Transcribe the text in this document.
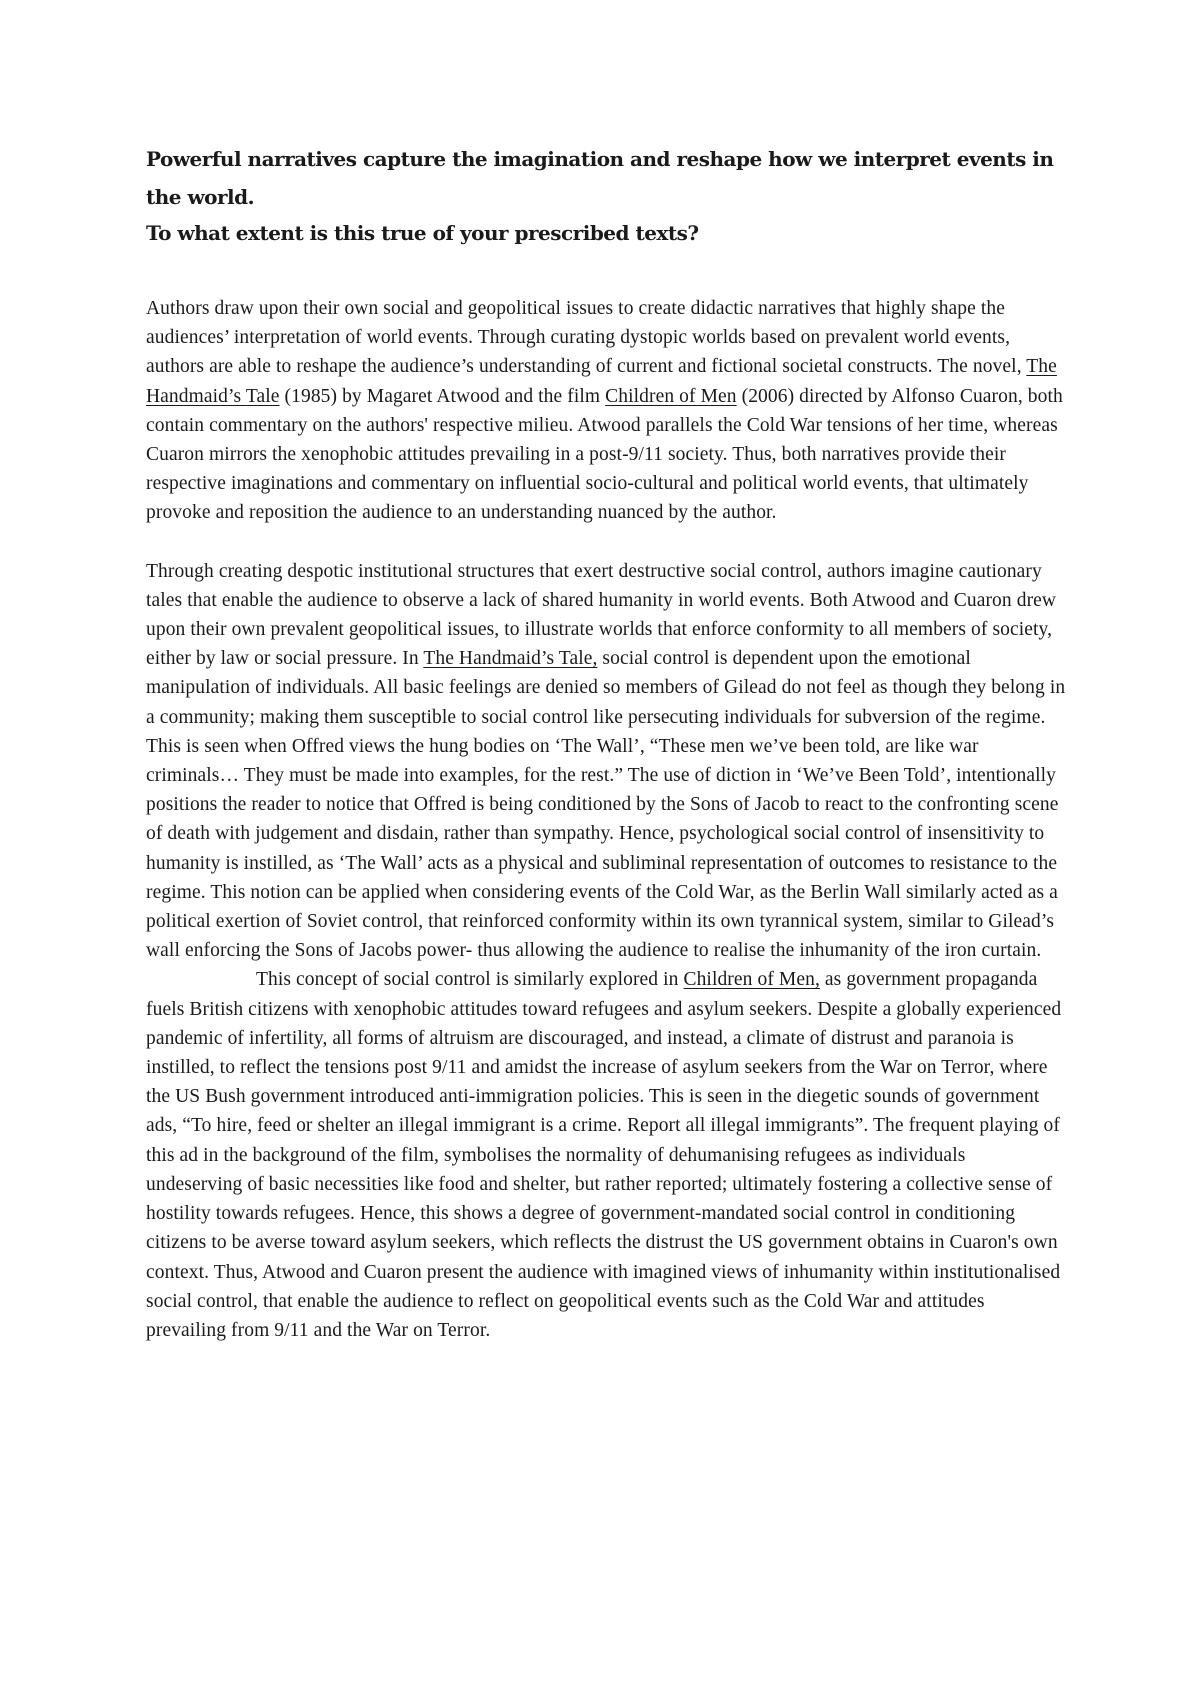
Powerful narratives capture the imagination and reshape how we interpret events in the world.

To what extent is this true of your prescribed texts?

Authors draw upon their own social and geopolitical issues to create didactic narratives that highly shape the audiences’ interpretation of world events. Through curating dystopic worlds based on prevalent world events, authors are able to reshape the audience’s understanding of current and fictional societal constructs. The novel, The Handmaid’s Tale (1985) by Magaret Atwood and the film Children of Men (2006) directed by Alfonso Cuaron, both contain commentary on the authors' respective milieu. Atwood parallels the Cold War tensions of her time, whereas Cuaron mirrors the xenophobic attitudes prevailing in a post-9/11 society. Thus, both narratives provide their respective imaginations and commentary on influential socio-cultural and political world events, that ultimately provoke and reposition the audience to an understanding nuanced by the author.

Through creating despotic institutional structures that exert destructive social control, authors imagine cautionary tales that enable the audience to observe a lack of shared humanity in world events. Both Atwood and Cuaron drew upon their own prevalent geopolitical issues, to illustrate worlds that enforce conformity to all members of society, either by law or social pressure. In The Handmaid’s Tale, social control is dependent upon the emotional manipulation of individuals. All basic feelings are denied so members of Gilead do not feel as though they belong in a community; making them susceptible to social control like persecuting individuals for subversion of the regime. This is seen when Offred views the hung bodies on ‘The Wall’, “These men we’ve been told, are like war criminals… They must be made into examples, for the rest.” The use of diction in ‘We’ve Been Told’, intentionally positions the reader to notice that Offred is being conditioned by the Sons of Jacob to react to the confronting scene of death with judgement and disdain, rather than sympathy. Hence, psychological social control of insensitivity to humanity is instilled, as ‘The Wall’ acts as a physical and subliminal representation of outcomes to resistance to the regime. This notion can be applied when considering events of the Cold War, as the Berlin Wall similarly acted as a political exertion of Soviet control, that reinforced conformity within its own tyrannical system, similar to Gilead’s wall enforcing the Sons of Jacobs power- thus allowing the audience to realise the inhumanity of the iron curtain.

This concept of social control is similarly explored in Children of Men, as government propaganda fuels British citizens with xenophobic attitudes toward refugees and asylum seekers. Despite a globally experienced pandemic of infertility, all forms of altruism are discouraged, and instead, a climate of distrust and paranoia is instilled, to reflect the tensions post 9/11 and amidst the increase of asylum seekers from the War on Terror, where the US Bush government introduced anti-immigration policies. This is seen in the diegetic sounds of government ads, “To hire, feed or shelter an illegal immigrant is a crime. Report all illegal immigrants”. The frequent playing of this ad in the background of the film, symbolises the normality of dehumanising refugees as individuals undeserving of basic necessities like food and shelter, but rather reported; ultimately fostering a collective sense of hostility towards refugees. Hence, this shows a degree of government-mandated social control in conditioning citizens to be averse toward asylum seekers, which reflects the distrust the US government obtains in Cuaron's own context. Thus, Atwood and Cuaron present the audience with imagined views of inhumanity within institutionalised social control, that enable the audience to reflect on geopolitical events such as the Cold War and attitudes prevailing from 9/11 and the War on Terror.
